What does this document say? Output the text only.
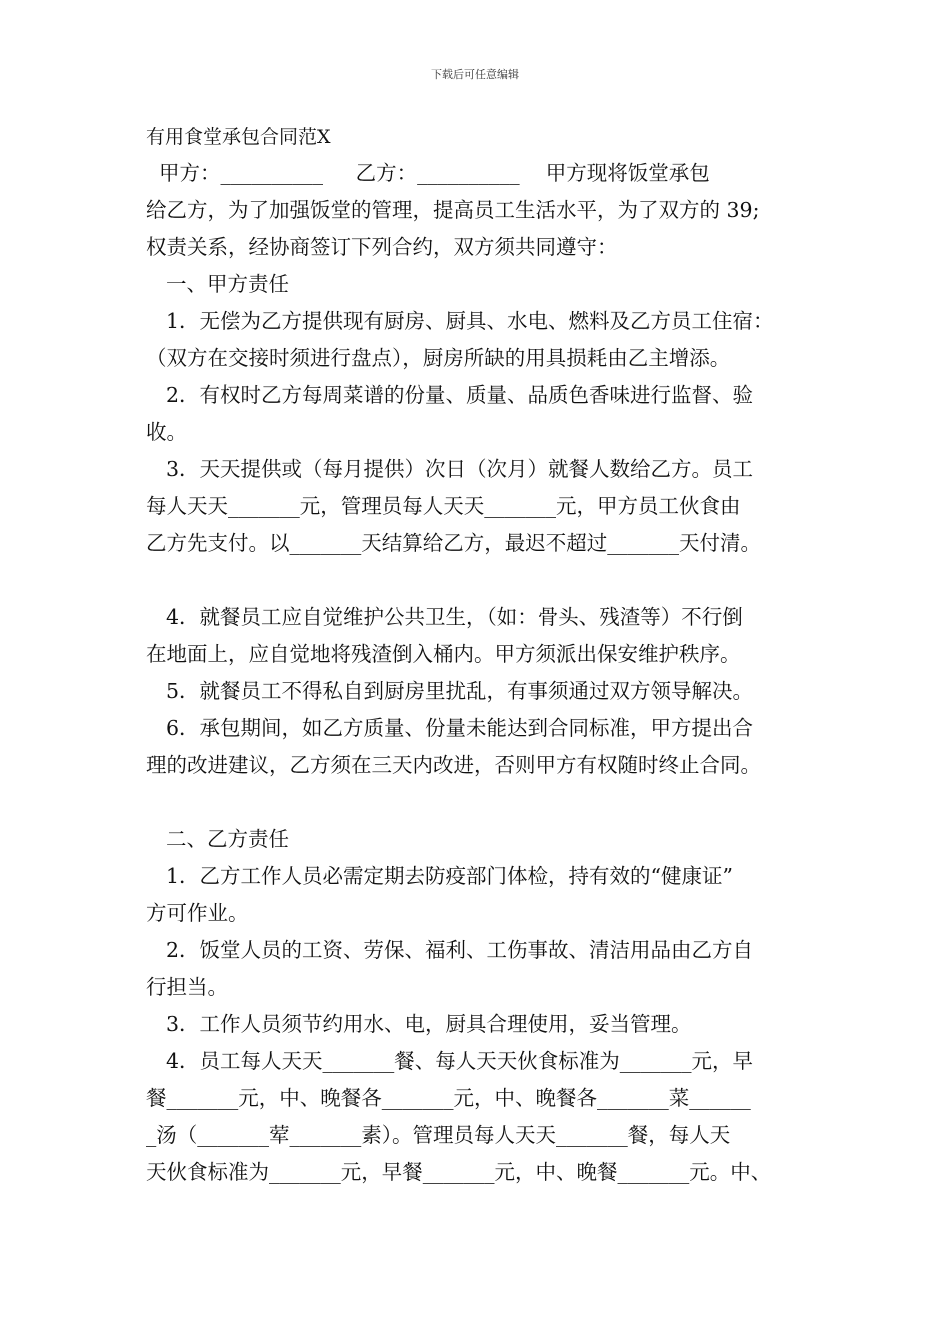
下载后可任意编辑
有用食堂承包合同范X

甲方：__________     乙方：__________    甲方现将饭堂承包

给乙方，为了加强饭堂的管理，提高员工生活水平，为了双方的 39;

权责关系，经协商签订下列合约，双方须共同遵守：

一、甲方责任

1．无偿为乙方提供现有厨房、厨具、水电、燃料及乙方员工住宿：

（双方在交接时须进行盘点），厨房所缺的用具损耗由乙主增添。

2．有权时乙方每周菜谱的份量、质量、品质色香味进行监督、验

收。

3．天天提供或（每月提供）次日（次月）就餐人数给乙方。员工

每人天天_______元，管理员每人天天_______元，甲方员工伙食由

乙方先支付。以_______天结算给乙方，最迟不超过_______天付清。

4．就餐员工应自觉维护公共卫生，（如：骨头、残渣等）不行倒

在地面上，应自觉地将残渣倒入桶内。甲方须派出保安维护秩序。

5．就餐员工不得私自到厨房里扰乱，有事须通过双方领导解决。

6．承包期间，如乙方质量、份量未能达到合同标准，甲方提出合

理的改进建议，乙方须在三天内改进，否则甲方有权随时终止合同。

二、乙方责任

1．乙方工作人员必需定期去防疫部门体检，持有效的“健康证”

方可作业。

2．饭堂人员的工资、劳保、福利、工伤事故、清洁用品由乙方自

行担当。

3．工作人员须节约用水、电，厨具合理使用，妥当管理。

4．员工每人天天_______餐、每人天天伙食标准为_______元，早

餐_______元，中、晚餐各_______元，中、晚餐各_______菜______

_汤（_______荤_______素）。管理员每人天天_______餐，每人天

天伙食标准为_______元，早餐_______元，中、晚餐_______元。中、
